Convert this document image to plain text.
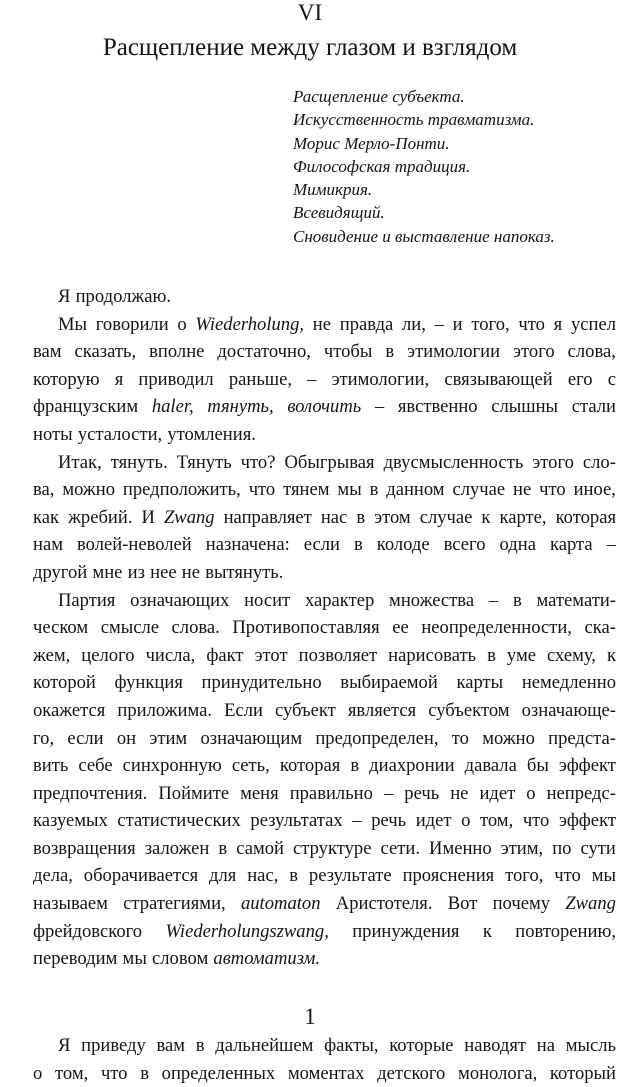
VI
Расщепление между глазом и взглядом
Расщепление субъекта.
Искусственность травматизма.
Морис Мерло-Понти.
Философская традиция.
Мимикрия.
Всевидящий.
Сновидение и выставление напоказ.
Я продолжаю.
Мы говорили о Wiederholung, не правда ли, – и того, что я успел
вам сказать, вполне достаточно, чтобы в этимологии этого слова,
которую я приводил раньше, – этимологии, связывающей его с
французским haler, тянуть, волочить – явственно слышны стали
ноты усталости, утомления.
Итак, тянуть. Тянуть что? Обыгрывая двусмысленность этого сло-
ва, можно предположить, что тянем мы в данном случае не что иное,
как жребий. И Zwang направляет нас в этом случае к карте, которая
нам волей-неволей назначена: если в колоде всего одна карта –
другой мне из нее не вытянуть.
Партия означающих носит характер множества – в математи-
ческом смысле слова. Противопоставляя ее неопределенности, ска-
жем, целого числа, факт этот позволяет нарисовать в уме схему, к
которой функция принудительно выбираемой карты немедленно
окажется приложима. Если субъект является субъектом означающе-
го, если он этим означающим предопределен, то можно предста-
вить себе синхронную сеть, которая в диахронии давала бы эффект
предпочтения. Поймите меня правильно – речь не идет о непредс-
казуемых статистических результатах – речь идет о том, что эффект
возвращения заложен в самой структуре сети. Именно этим, по сути
дела, оборачивается для нас, в результате прояснения того, что мы
называем стратегиями, automaton Аристотеля. Вот почему Zwang
фрейдовского Wiederholungszwang, принуждения к повторению,
переводим мы словом автоматизм.
1
Я приведу вам в дальнейшем факты, которые наводят на мысль
о том, что в определенных моментах детского монолога, который
